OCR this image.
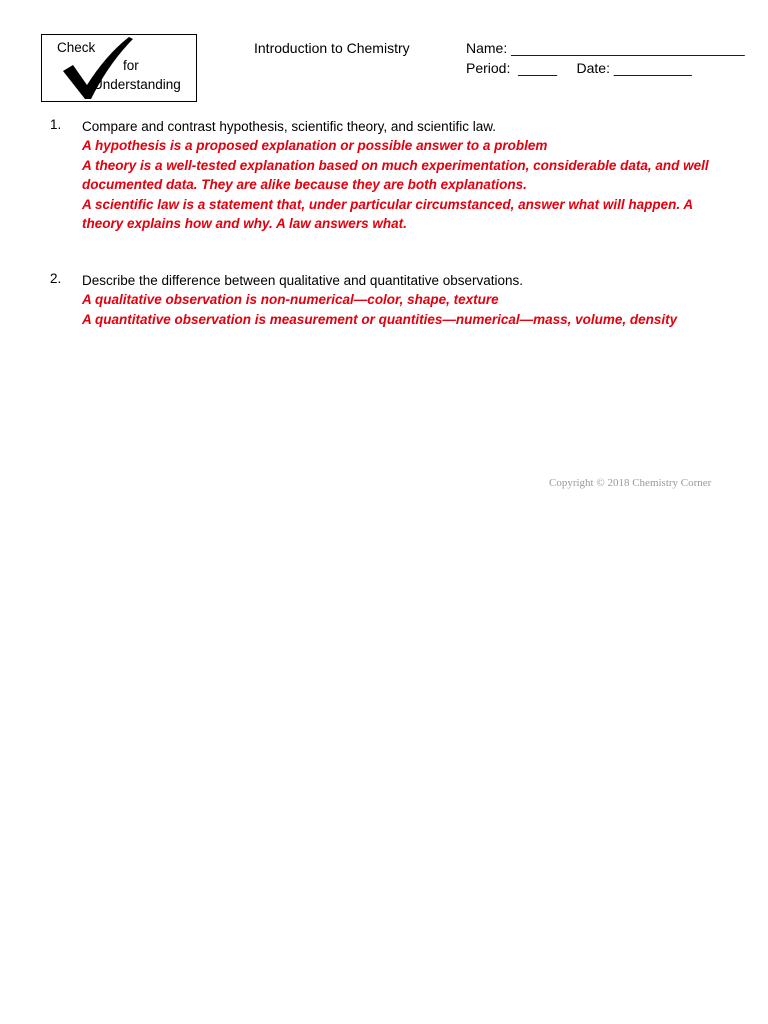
Check
for
Understanding
Introduction to Chemistry	Name: ______________________________
Period:  _____     Date: __________
1. Compare and contrast hypothesis, scientific theory, and scientific law.
A hypothesis is a proposed explanation or possible answer to a problem
A theory is a well-tested explanation based on much experimentation, considerable data, and well documented data. They are alike because they are both explanations.
A scientific law is a statement that, under particular circumstanced, answer what will happen. A theory explains how and why. A law answers what.
2. Describe the difference between qualitative and quantitative observations.
A qualitative observation is non-numerical—color, shape, texture
A quantitative observation is measurement or quantities—numerical—mass, volume, density
Copyright © 2018 Chemistry Corner
